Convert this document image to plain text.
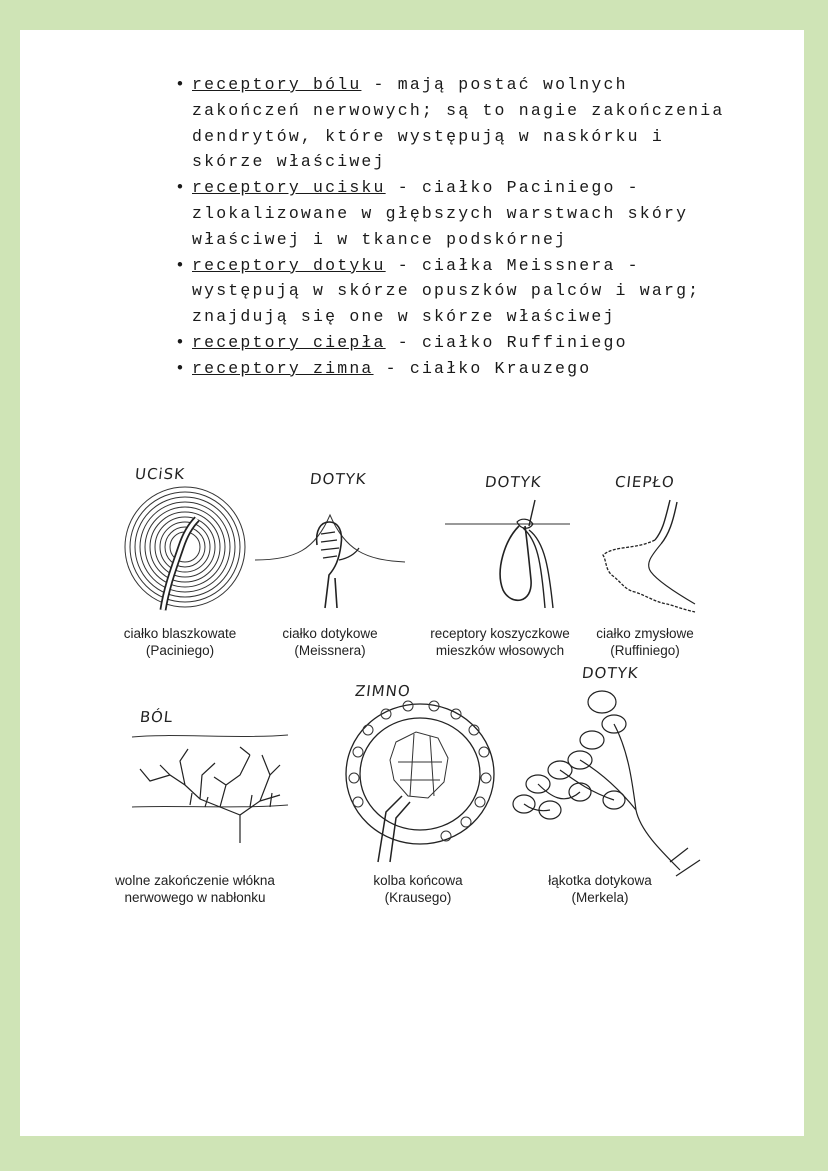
• receptory bólu - mają postać wolnych
zakończeń nerwowych; są to nagie zakończenia
dendrytów, które występują w naskórku i
skórze właściwej
• receptory ucisku - ciałko Paciniego -
zlokalizowane w głębszych warstwach skóry
właściwej i w tkance podskórnej
• receptory dotyku - ciałka Meissnera -
występują w skórze opuszków palców i warg;
znajdują się one w skórze właściwej
• receptory ciepła - ciałko Ruffiniego
• receptory zimna - ciałko Krauzego
UCiSK
ciałko blaszkowate
(Paciniego)
DOTYK
ciałko dotykowe
(Meissnera)
DOTYK
receptory koszyczkowe
mieszków włosowych
CIEPŁO
ciałko zmysłowe
(Ruffiniego)
BÓL
wolne zakończenie włókna
nerwowego w nabłonku
ZIMNO
kolba końcowa
(Krausego)
DOTYK
łąkotka dotykowa
(Merkela)
